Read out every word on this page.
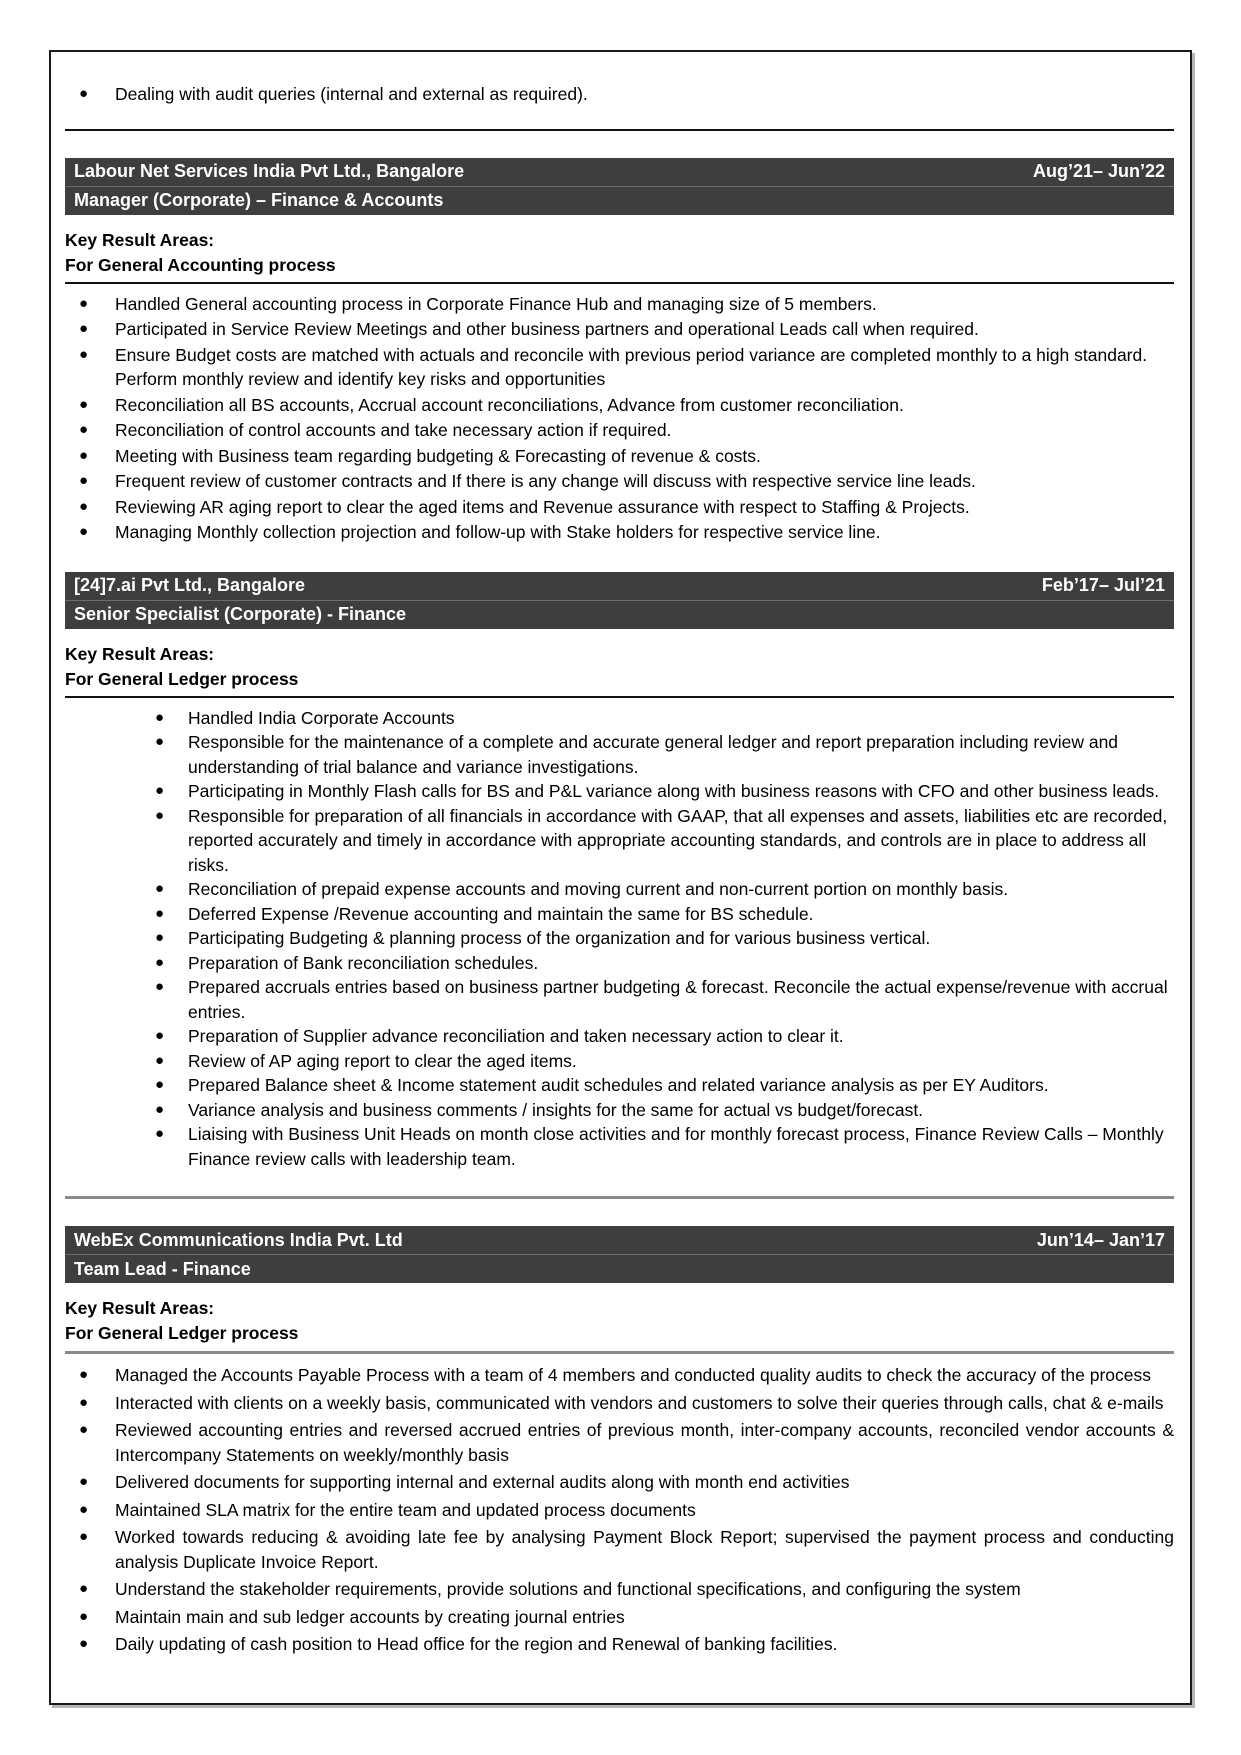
● Dealing with audit queries (internal and external as required).
Labour Net Services India Pvt Ltd., Bangalore	Aug’21– Jun’22
Manager (Corporate) – Finance & Accounts
Key Result Areas:
For General Accounting process
● Handled General accounting process in Corporate Finance Hub and managing size of 5 members.
● Participated in Service Review Meetings and other business partners and operational Leads call when required.
● Ensure Budget costs are matched with actuals and reconcile with previous period variance are completed monthly to a high standard. Perform monthly review and identify key risks and opportunities
● Reconciliation all BS accounts, Accrual account reconciliations, Advance from customer reconciliation.
● Reconciliation of control accounts and take necessary action if required.
● Meeting with Business team regarding budgeting & Forecasting of revenue & costs.
● Frequent review of customer contracts and If there is any change will discuss with respective service line leads.
● Reviewing AR aging report to clear the aged items and Revenue assurance with respect to Staffing & Projects.
● Managing Monthly collection projection and follow-up with Stake holders for respective service line.
[24]7.ai Pvt Ltd., Bangalore	Feb’17– Jul’21
Senior Specialist (Corporate) - Finance
Key Result Areas:
For General Ledger process
● Handled India Corporate Accounts
● Responsible for the maintenance of a complete and accurate general ledger and report preparation including review and understanding of trial balance and variance investigations.
● Participating in Monthly Flash calls for BS and P&L variance along with business reasons with CFO and other business leads.
● Responsible for preparation of all financials in accordance with GAAP, that all expenses and assets, liabilities etc are recorded, reported accurately and timely in accordance with appropriate accounting standards, and controls are in place to address all risks.
● Reconciliation of prepaid expense accounts and moving current and non-current portion on monthly basis.
● Deferred Expense /Revenue accounting and maintain the same for BS schedule.
● Participating Budgeting & planning process of the organization and for various business vertical.
● Preparation of Bank reconciliation schedules.
● Prepared accruals entries based on business partner budgeting & forecast. Reconcile the actual expense/revenue with accrual entries.
● Preparation of Supplier advance reconciliation and taken necessary action to clear it.
● Review of AP aging report to clear the aged items.
● Prepared Balance sheet & Income statement audit schedules and related variance analysis as per EY Auditors.
● Variance analysis and business comments / insights for the same for actual vs budget/forecast.
● Liaising with Business Unit Heads on month close activities and for monthly forecast process, Finance Review Calls – Monthly Finance review calls with leadership team.
WebEx Communications India Pvt. Ltd	Jun’14– Jan’17
Team Lead - Finance
Key Result Areas:
For General Ledger process
● Managed the Accounts Payable Process with a team of 4 members and conducted quality audits to check the accuracy of the process
● Interacted with clients on a weekly basis, communicated with vendors and customers to solve their queries through calls, chat & e-mails
● Reviewed accounting entries and reversed accrued entries of previous month, inter-company accounts, reconciled vendor accounts & Intercompany Statements on weekly/monthly basis
● Delivered documents for supporting internal and external audits along with month end activities
● Maintained SLA matrix for the entire team and updated process documents
● Worked towards reducing & avoiding late fee by analysing Payment Block Report; supervised the payment process and conducting analysis Duplicate Invoice Report.
● Understand the stakeholder requirements, provide solutions and functional specifications, and configuring the system
● Maintain main and sub ledger accounts by creating journal entries
● Daily updating of cash position to Head office for the region and Renewal of banking facilities.
